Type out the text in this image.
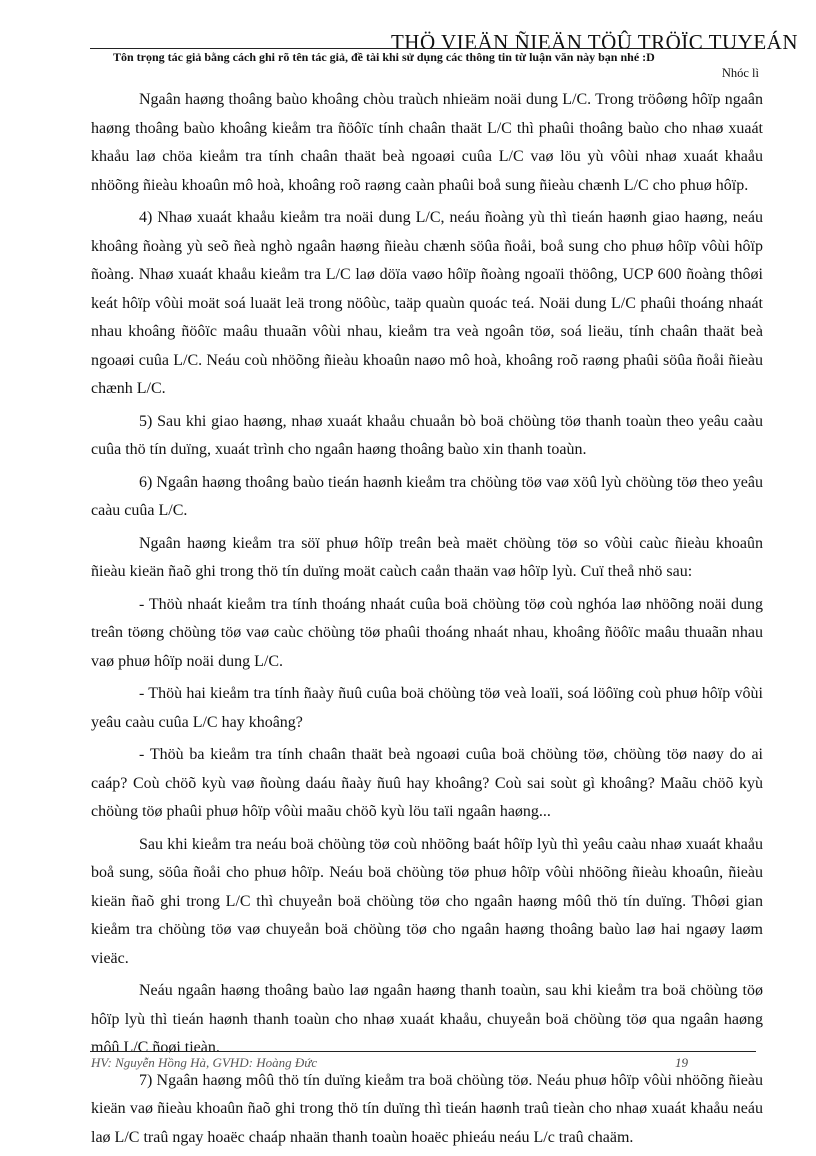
THÖ VIEÄN ÑIEÄN TÖÛ TRÖÏC TUYEÁN
Tôn trọng tác giả bằng cách ghi rõ tên tác giả, đề tài khi sử dụng các thông tin từ luận văn này bạn nhé :D
Nhóc lì

Ngaân haøng thoâng baùo khoâng chòu traùch nhieäm noäi dung L/C. Trong tröôøng hôïp ngaân haøng thoâng baùo khoâng kieåm tra ñöôïc tính chaân thaät L/C thì phaûi thoâng baùo cho nhaø xuaát khaåu laø chöa kieåm tra tính chaân thaät beà ngoaøi cuûa L/C vaø löu yù vôùi nhaø xuaát khaåu nhöõng ñieàu khoaûn mô hoà, khoâng roõ raøng caàn phaûi boå sung ñieàu chænh L/C cho phuø hôïp.

4) Nhaø xuaát khaåu kieåm tra noäi dung L/C, neáu ñoàng yù thì tieán haønh giao haøng, neáu khoâng ñoàng yù seõ ñeà nghò ngaân haøng ñieàu chænh söûa ñoåi, boå sung cho phuø hôïp vôùi hôïp ñoàng. Nhaø xuaát khaåu kieåm tra L/C laø döïa vaøo hôïp ñoàng ngoaïi thöông, UCP 600 ñoàng thôøi keát hôïp vôùi moät soá luaät leä trong nöôùc, taäp quaùn quoác teá. Noäi dung L/C phaûi thoáng nhaát nhau khoâng ñöôïc maâu thuaãn vôùi nhau, kieåm tra veà ngoân töø, soá lieäu, tính chaân thaät beà ngoaøi cuûa L/C. Neáu coù nhöõng ñieàu khoaûn naøo mô hoà, khoâng roõ raøng phaûi söûa ñoåi ñieàu chænh L/C.

5) Sau khi giao haøng, nhaø xuaát khaåu chuaån bò boä chöùng töø thanh toaùn theo yeâu caàu cuûa thö tín duïng, xuaát trình cho ngaân haøng thoâng baùo xin thanh toaùn.

6) Ngaân haøng thoâng baùo tieán haønh kieåm tra chöùng töø vaø xöû lyù chöùng töø theo yeâu caàu cuûa L/C.

Ngaân haøng kieåm tra söï phuø hôïp treân beà maët chöùng töø so vôùi caùc ñieàu khoaûn ñieàu kieän ñaõ ghi trong thö tín duïng moät caùch caån thaän vaø hôïp lyù. Cuï theå nhö sau:

- Thöù nhaát kieåm tra tính thoáng nhaát cuûa boä chöùng töø coù nghóa laø nhöõng noäi dung treân töøng chöùng töø vaø caùc chöùng töø phaûi thoáng nhaát nhau, khoâng ñöôïc maâu thuaãn nhau vaø phuø hôïp noäi dung L/C.

- Thöù hai kieåm tra tính ñaày ñuû cuûa boä chöùng töø veà loaïi, soá löôïng coù phuø hôïp vôùi yeâu caàu cuûa L/C hay khoâng?

- Thöù ba kieåm tra tính chaân thaät beà ngoaøi cuûa boä chöùng töø, chöùng töø naøy do ai caáp? Coù chöõ kyù vaø ñoùng daáu ñaày ñuû hay khoâng? Coù sai soùt gì khoâng? Maãu chöõ kyù chöùng töø phaûi phuø hôïp vôùi maãu chöõ kyù löu taïi ngaân haøng...

Sau khi kieåm tra neáu boä chöùng töø coù nhöõng baát hôïp lyù thì yeâu caàu nhaø xuaát khaåu boå sung, söûa ñoåi cho phuø hôïp. Neáu boä chöùng töø phuø hôïp vôùi nhöõng ñieàu khoaûn, ñieàu kieän ñaõ ghi trong L/C thì chuyeån boä chöùng töø cho ngaân haøng môû thö tín duïng. Thôøi gian kieåm tra chöùng töø vaø chuyeån boä chöùng töø cho ngaân haøng thoâng baùo laø hai ngaøy laøm vieäc.

Neáu ngaân haøng thoâng baùo laø ngaân haøng thanh toaùn, sau khi kieåm tra boä chöùng töø hôïp lyù thì tieán haønh thanh toaùn cho nhaø xuaát khaåu, chuyeån boä chöùng töø qua ngaân haøng môû L/C ñoøi tieàn.

7) Ngaân haøng môû thö tín duïng kieåm tra boä chöùng töø. Neáu phuø hôïp vôùi nhöõng ñieàu kieän vaø ñieàu khoaûn ñaõ ghi trong thö tín duïng thì tieán haønh traû tieàn cho nhaø xuaát khaåu neáu laø L/C traû ngay hoaëc chaáp nhaän thanh toaùn hoaëc phieáu neáu L/c traû chaäm.

HV: Nguyễn Hồng Hà, GVHD: Hoàng Đức	19
